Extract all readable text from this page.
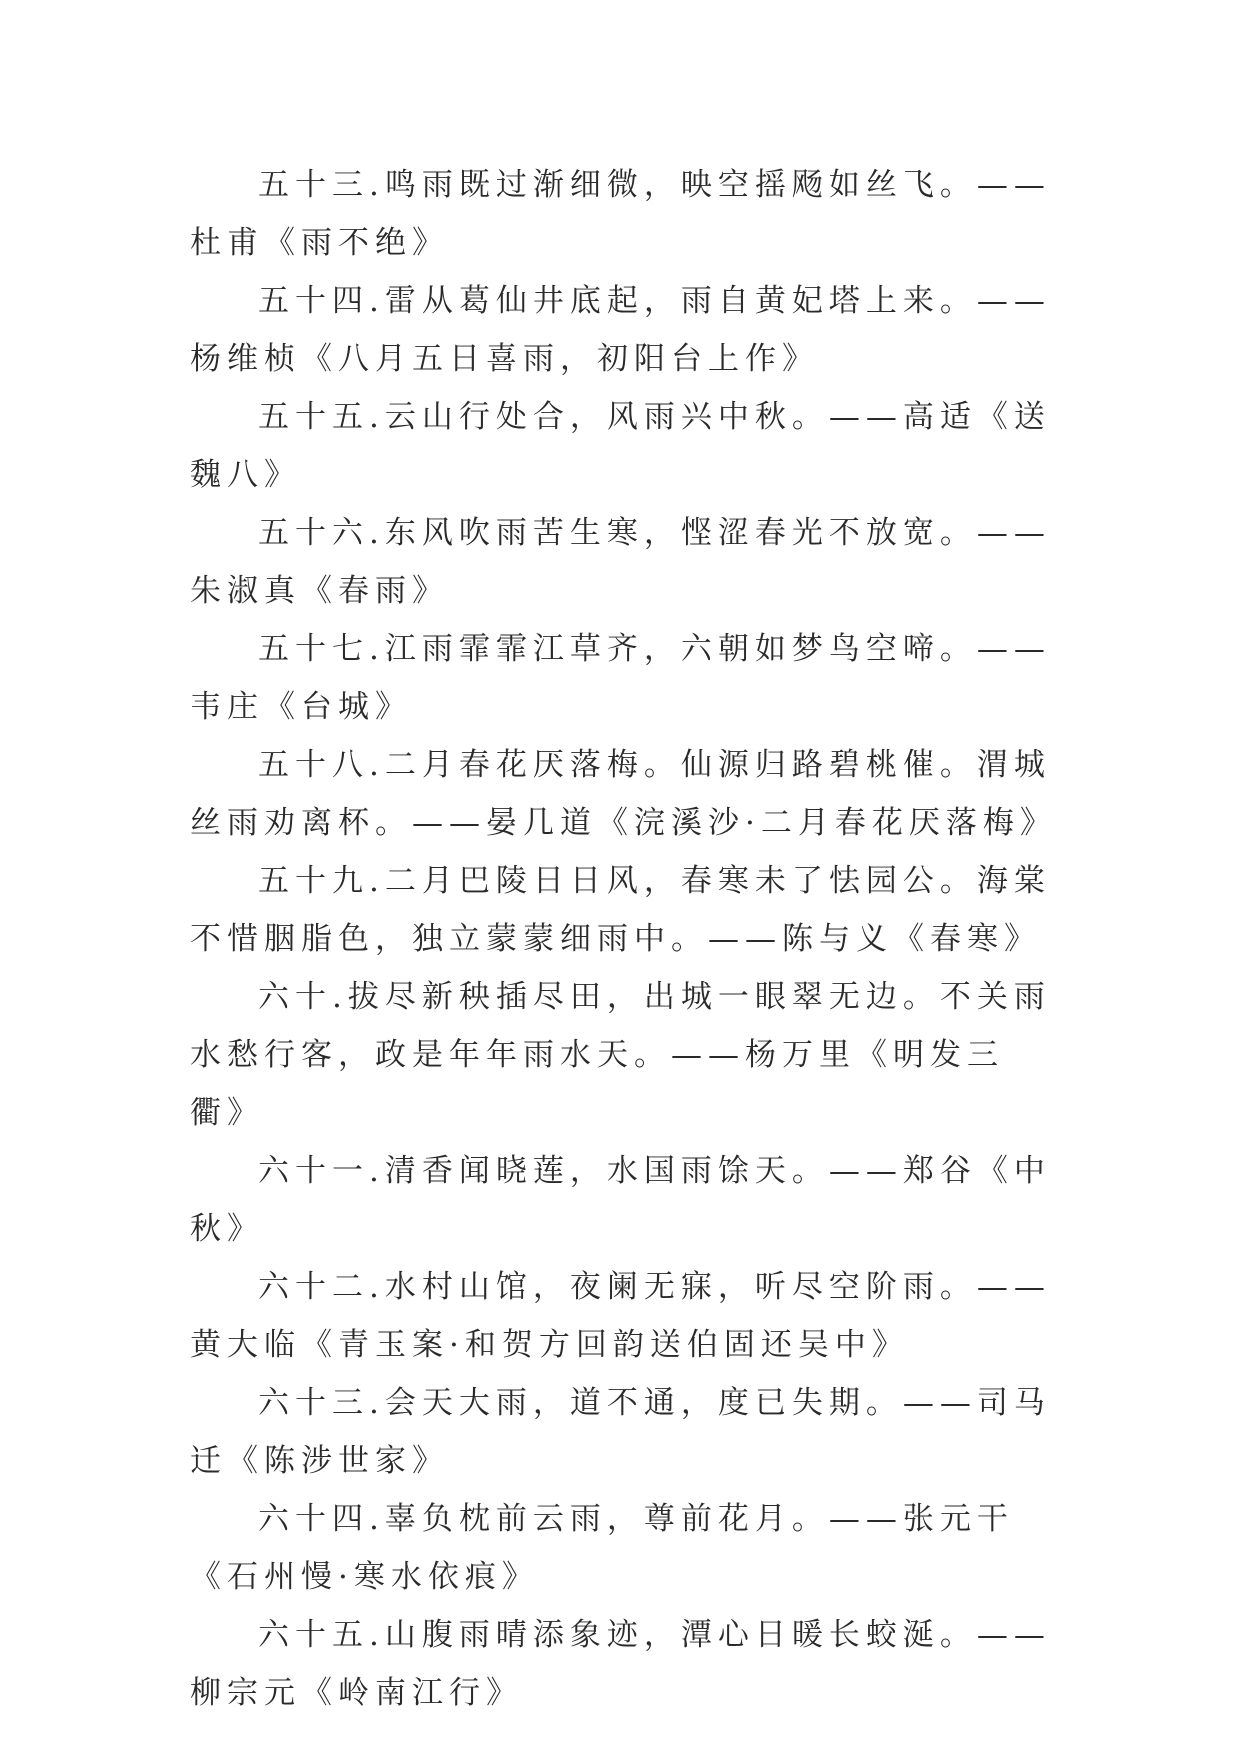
五十三.鸣雨既过渐细微，映空摇飏如丝飞。——杜甫《雨不绝》

五十四.雷从葛仙井底起，雨自黄妃塔上来。——杨维桢《八月五日喜雨，初阳台上作》

五十五.云山行处合，风雨兴中秋。——高适《送魏八》

五十六.东风吹雨苦生寒，悭涩春光不放宽。——朱淑真《春雨》

五十七.江雨霏霏江草齐，六朝如梦鸟空啼。——韦庄《台城》

五十八.二月春花厌落梅。仙源归路碧桃催。渭城丝雨劝离杯。——晏几道《浣溪沙·二月春花厌落梅》

五十九.二月巴陵日日风，春寒未了怯园公。海棠不惜胭脂色，独立蒙蒙细雨中。——陈与义《春寒》

六十.拔尽新秧插尽田，出城一眼翠无边。不关雨水愁行客，政是年年雨水天。——杨万里《明发三衢》

六十一.清香闻晓莲，水国雨馀天。——郑谷《中秋》

六十二.水村山馆，夜阑无寐，听尽空阶雨。——黄大临《青玉案·和贺方回韵送伯固还吴中》

六十三.会天大雨，道不通，度已失期。——司马迁《陈涉世家》

六十四.辜负枕前云雨，尊前花月。——张元干《石州慢·寒水依痕》

六十五.山腹雨晴添象迹，潭心日暖长蛟涎。——柳宗元《岭南江行》
